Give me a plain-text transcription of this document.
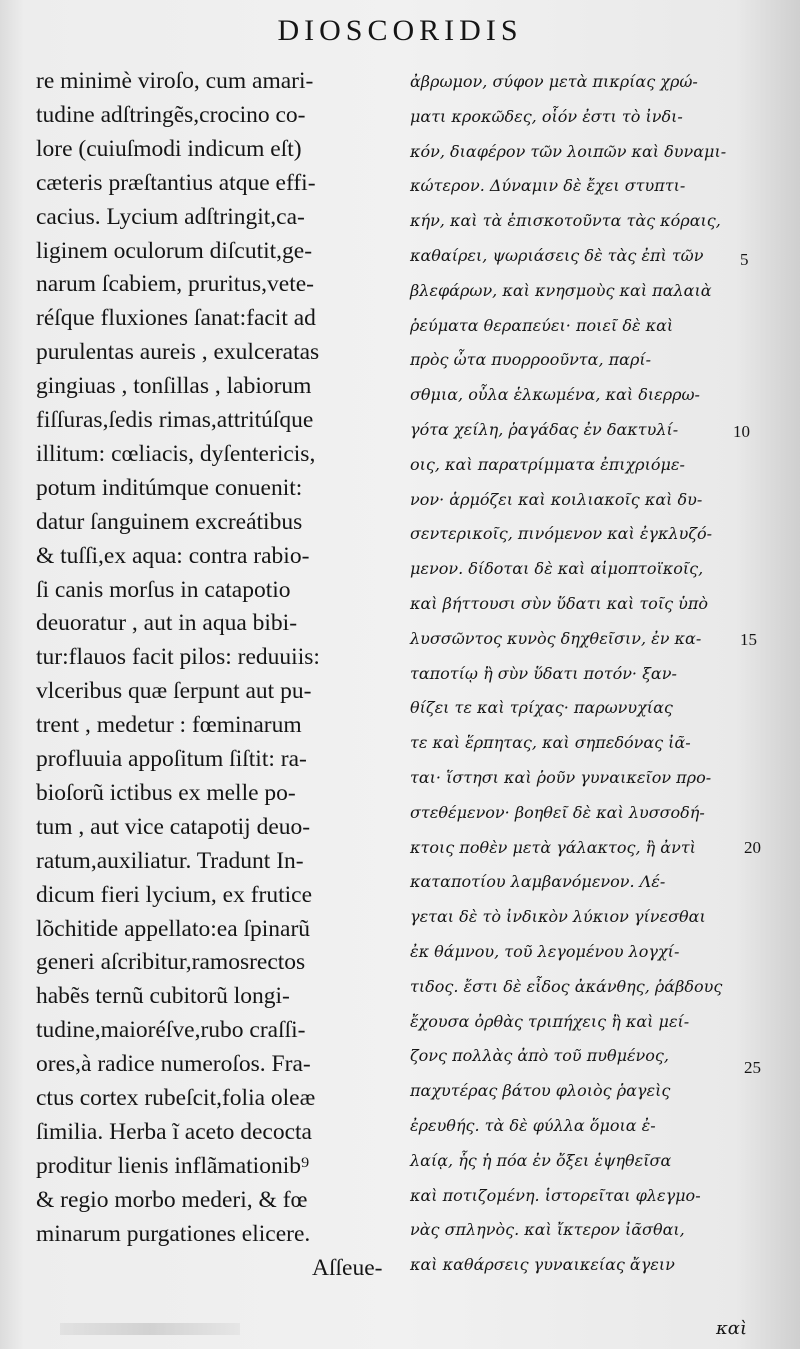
DIOSCORIDIS
re minimè viroſo, cum amari-
tudine adſtringẽs,crocino co-
lore (cuiuſmodi indicum eſt)
cæteris præſtantius atque effi-
cacius. Lycium adſtringit,ca-
liginem oculorum diſcutit,ge-
narum ſcabiem, pruritus,vete-
réſque fluxiones ſanat:facit ad
purulentas aureis , exulceratas
gingiuas , tonſillas , labiorum
fiſſuras,ſedis rimas,attritúſque
illitum: cœliacis, dyſentericis,
potum inditúmque conuenit:
datur ſanguinem excreátibus
& tuſſi,ex aqua: contra rabio-
ſi canis morſus in catapotio
deuoratur , aut in aqua bibi-
tur:flauos facit pilos: reduuiis:
vlceribus quæ ſerpunt aut pu-
trent , medetur : fœminarum
profluuia appoſitum ſiſtit: ra-
bioſorũ ictibus ex melle po-
tum , aut vice catapotij deuo-
ratum,auxiliatur. Tradunt In-
dicum fieri lycium, ex frutice
lõchitide appellato:ea ſpinarũ
generi aſcribitur,ramosrectos
habẽs ternũ cubitorũ longi-
tudine,maioréſve,rubo craſſi-
ores,à radice numeroſos. Fra-
ctus cortex rubeſcit,folia oleæ
ſimilia. Herba ĩ aceto decocta
proditur lienis inflãmationib⁹
& regio morbo mederi, & fœ
minarum purgationes elicere.
Aſſeue-
ἀβρωμον, σύφον μετὰ πικρίας χρώ-
ματι κροκῶδες, οἷόν ἐστι τὸ ἰνδι-
κόν, διαφέρον τῶν λοιπῶν καὶ δυναμι-
κώτερον. Δύναμιν δὲ ἔχει στυπτι-
κήν, καὶ τὰ ἐπισκοτοῦντα τὰς κόραις,
καθαίρει, ψωριάσεις δὲ τὰς ἐπὶ τῶν
βλεφάρων, καὶ κνησμοὺς καὶ παλαιὰ
ῥεύματα θεραπεύει· ποιεῖ δὲ καὶ
πρὸς ὦτα πυορροοῦντα, παρί-
σθμια, οὖλα ἑλκωμένα, καὶ διερρω-
γότα χείλη, ῥαγάδας ἐν δακτυλί-
οις, καὶ παρατρίμματα ἐπιχριόμε-
νον· ἁρμόζει καὶ κοιλιακοῖς καὶ δυ-
σεντερικοῖς, πινόμενον καὶ ἐγκλυζό-
μενον. δίδοται δὲ καὶ αἱμοπτοϊκοῖς,
καὶ βήττουσι σὺν ὕδατι καὶ τοῖς ὑπὸ
λυσσῶντος κυνὸς δηχθεῖσιν, ἐν κα-
ταποτίῳ ἢ σὺν ὕδατι ποτόν· ξαν-
θίζει τε καὶ τρίχας· παρωνυχίας
τε καὶ ἕρπητας, καὶ σηπεδόνας ἰᾶ-
ται· ἵστησι καὶ ῥοῦν γυναικεῖον προ-
στεθέμενον· βοηθεῖ δὲ καὶ λυσσοδή-
κτοις ποθὲν μετὰ γάλακτος, ἢ ἀντὶ
καταποτίου λαμβανόμενον. Λέ-
γεται δὲ τὸ ἰνδικὸν λύκιον γίνεσθαι
ἐκ θάμνου, τοῦ λεγομένου λογχί-
τιδος. ἔστι δὲ εἶδος ἀκάνθης, ῥάβδους
ἔχουσα ὀρθὰς τριπήχεις ἢ καὶ μεί-
ζονς πολλὰς ἀπὸ τοῦ πυθμένος,
παχυτέρας βάτου φλοιὸς ῥαγεὶς
ἐρευθής. τὰ δὲ φύλλα ὅμοια ἐ-
λαίᾳ, ἧς ἡ πόα ἐν ὄξει ἑψηθεῖσα
καὶ ποτιζομένη. ἱστορεῖται φλεγμο-
νὰς σπληνὸς. καὶ ἴκτερον ἰᾶσθαι,
καὶ καθάρσεις γυναικείας ἄγειν
5
10
15
20
25
καὶ
